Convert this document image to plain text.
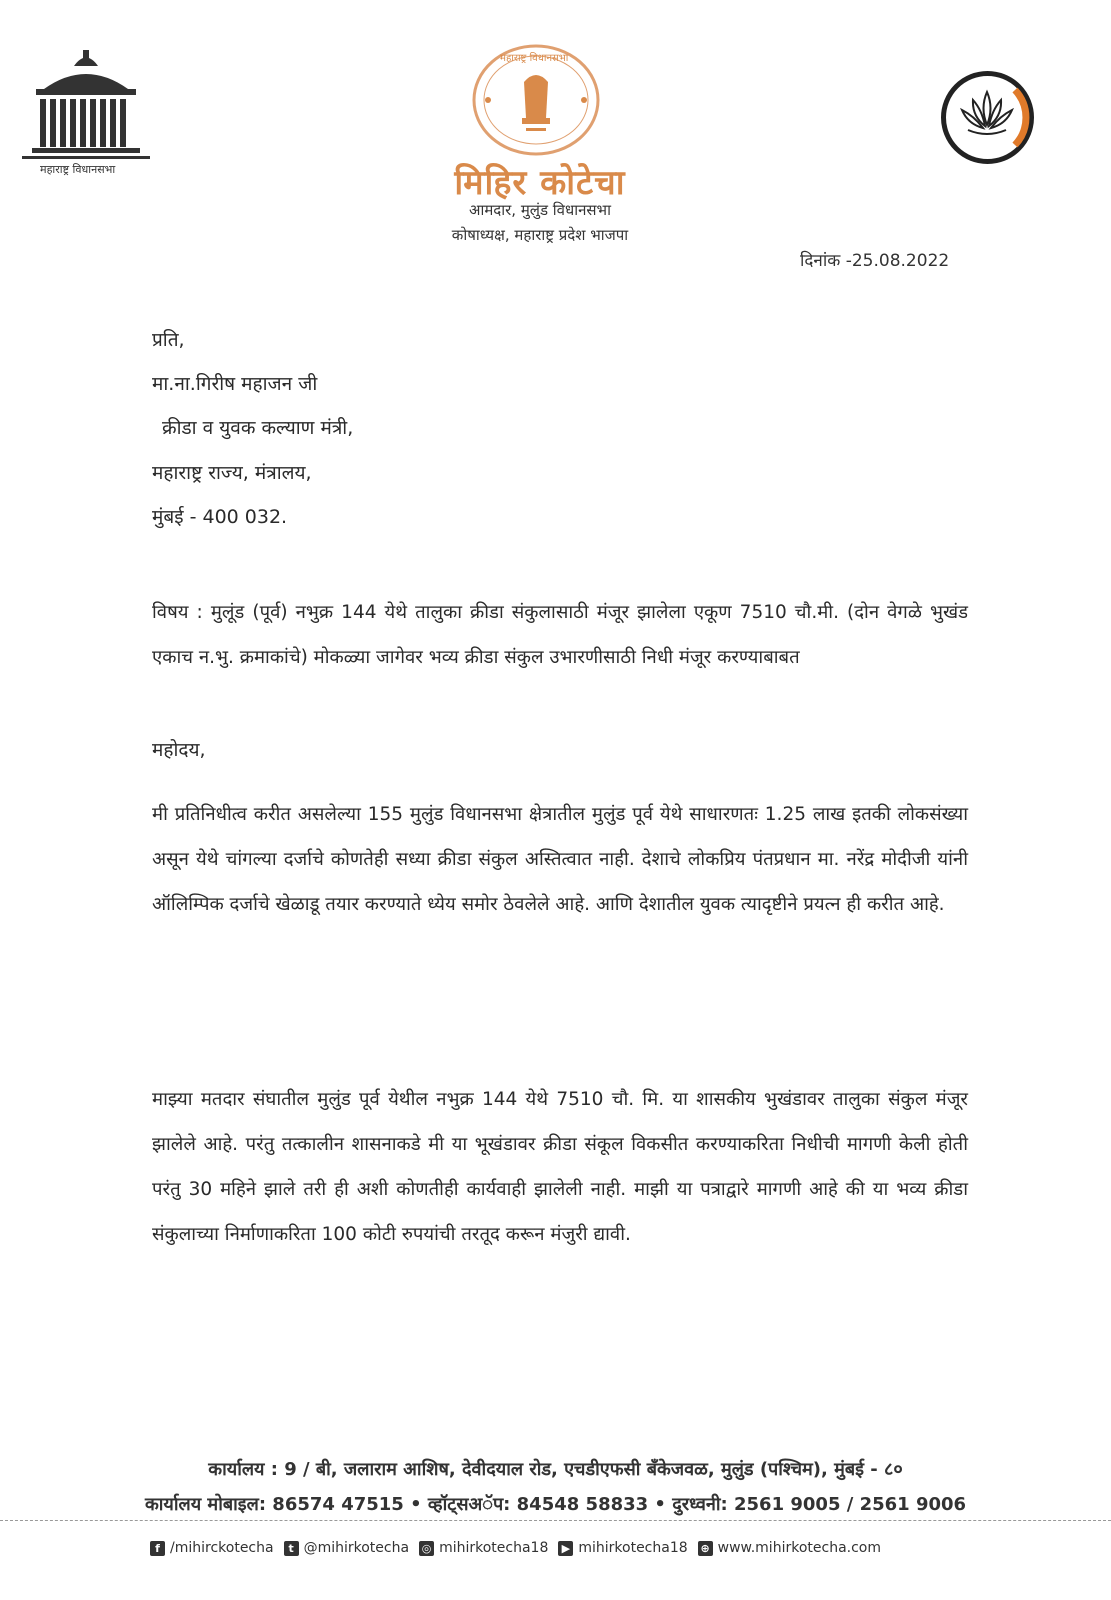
महाराष्ट्र विधानसभा
महाराष्ट्र विधानसभा
मिहिर कोटेचा
आमदार, मुलुंड विधानसभा
कोषाध्यक्ष, महाराष्ट्र प्रदेश भाजपा
दिनांक -25.08.2022
प्रति,
मा.ना.गिरीष महाजन जी
क्रीडा व युवक कल्याण मंत्री,
महाराष्ट्र राज्य, मंत्रालय,
मुंबई - 400 032.
विषय : मुलूंड (पूर्व) नभुक्र 144 येथे तालुका क्रीडा संकुलासाठी मंजूर झालेला एकूण 7510 चौ.मी. (दोन वेगळे भुखंड एकाच न.भु. क्रमाकांचे) मोकळ्या जागेवर भव्य क्रीडा संकुल उभारणीसाठी निधी मंजूर करण्याबाबत
महोदय,
मी प्रतिनिधीत्व करीत असलेल्या 155 मुलुंड विधानसभा क्षेत्रातील मुलुंड पूर्व येथे साधारणतः 1.25 लाख इतकी लोकसंख्या असून येथे चांगल्या दर्जाचे कोणतेही सध्या क्रीडा संकुल अस्तित्वात नाही. देशाचे लोकप्रिय पंतप्रधान मा. नरेंद्र मोदीजी यांनी ऑलिम्पिक दर्जाचे खेळाडू तयार करण्याते ध्येय समोर ठेवलेले आहे. आणि देशातील युवक त्यादृष्टीने प्रयत्न ही करीत आहे.
माझ्या मतदार संघातील मुलुंड पूर्व येथील नभुक्र 144 येथे 7510 चौ. मि. या शासकीय भुखंडावर तालुका संकुल मंजूर झालेले आहे. परंतु तत्कालीन शासनाकडे मी या भूखंडावर क्रीडा संकूल विकसीत करण्याकरिता निधीची मागणी केली होती परंतु 30 महिने झाले तरी ही अशी कोणतीही कार्यवाही झालेली नाही. माझी या पत्राद्वारे मागणी आहे की या भव्य क्रीडा संकुलाच्या निर्माणाकरिता 100 कोटी रुपयांची तरतूद करून मंजुरी द्यावी.
कार्यालय : 9 / बी, जलाराम आशिष, देवीदयाल रोड, एचडीएफसी बँकेजवळ, मुलुंड (पश्चिम), मुंबई - ८०
कार्यालय मोबाइल: 86574 47515 • व्हॉट्सअॅप: 84548 58833 • दुरध्वनी: 2561 9005 / 2561 9006
f /mihirckotecha	t @mihirkotecha ◎ mihirkotecha18 ▶ mihirkotecha18 ⊕ www.mihirkotecha.com
